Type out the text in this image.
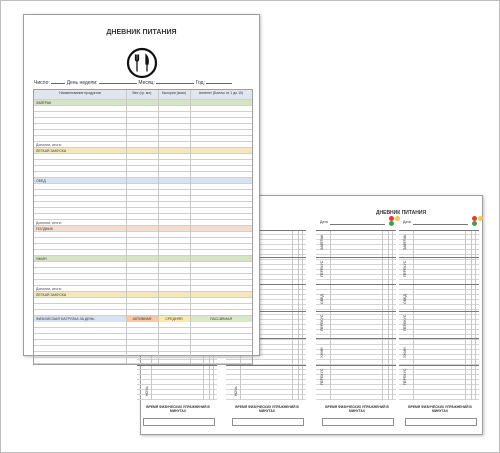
ДНЕВНИК ПИТАНИЯ
НОЧЬ
ВРЕМЯ ФИЗИЧЕСКИХ УПРАЖНЕНИЙ В МИНУТАХ
НОЧЬ
ВРЕМЯ ФИЗИЧЕСКИХ УПРАЖНЕНИЙ В МИНУТАХ
Дата
ЗАВТРАК
ПЕРЕКУС
ОБЕД
ПЕРЕКУС
УЖИН
ПЕРЕКУС
ВРЕМЯ ФИЗИЧЕСКИХ УПРАЖНЕНИЙ В МИНУТАХ
Дата
ЗАВТРАК
ПЕРЕКУС
ОБЕД
ПЕРЕКУС
УЖИН
ПЕРЕКУС
ВРЕМЯ ФИЗИЧЕСКИХ УПРАЖНЕНИЙ В МИНУТАХ
ДНЕВНИК ПИТАНИЯ
Число:	День недели:	Месяц:	Год:
Наименование продуктов	Вес (гр. мл)	Калории (ккал)	Аппетит (Баллы от 1 до 10)
ЗАВТРАК
Дополни, итоги:
ЛЕГКАЯ ЗАКУСКА
ОБЕД
Дополни, итоги:
ПОЛДНИК
УЖИН
Дополни, итоги:
ЛЕГКАЯ ЗАКУСКА
ФИЗИЧЕСКАЯ НАГРУЗКА ЗА ДЕНЬ	АКТИВНАЯ	СРЕДНЯЯ	ПАССИВНАЯ
